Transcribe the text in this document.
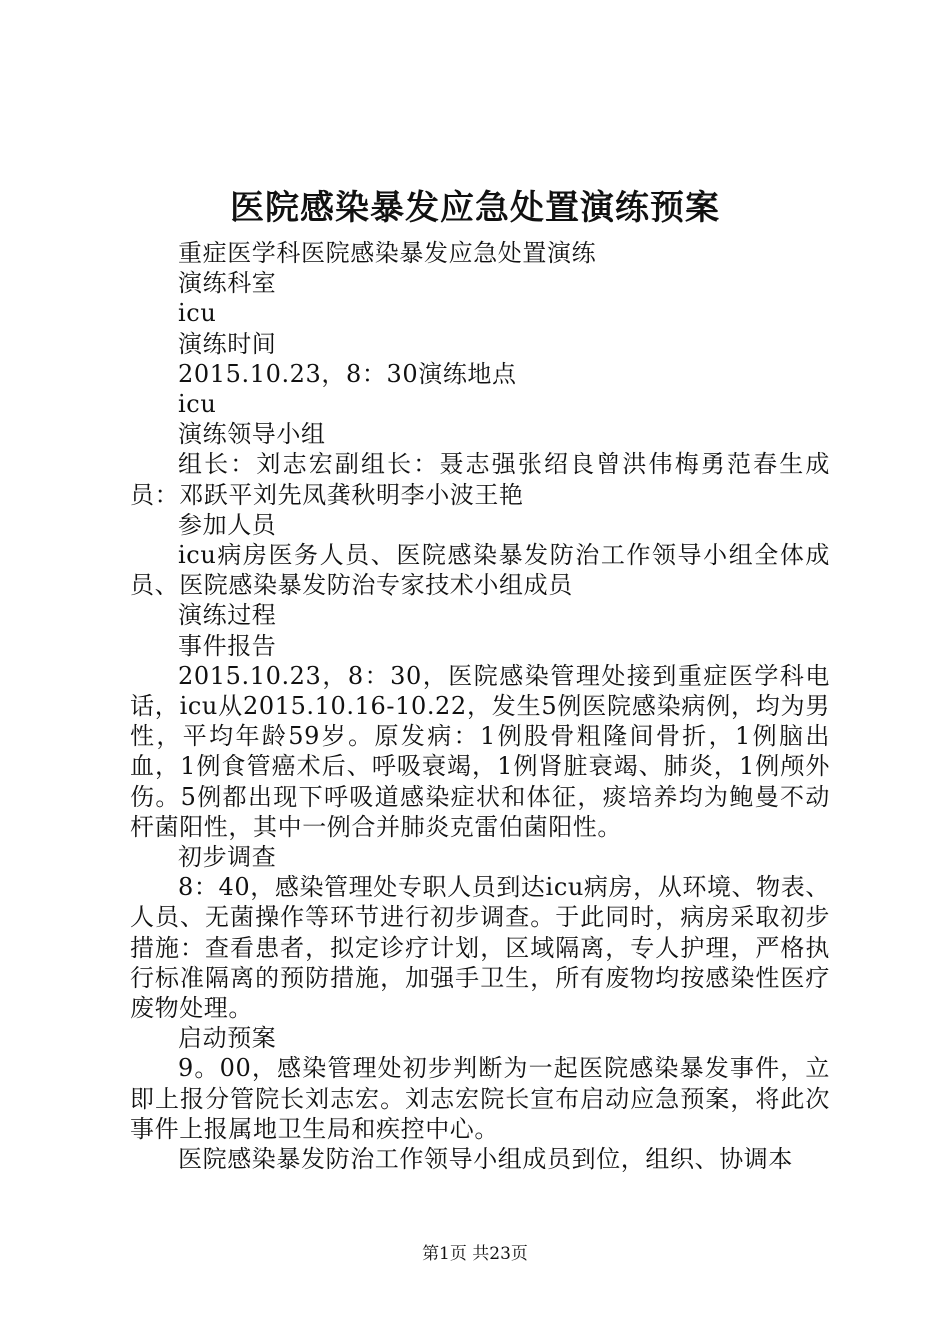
医院感染暴发应急处置演练预案

重症医学科医院感染暴发应急处置演练

演练科室

icu

演练时间

2015.10.23，8：30演练地点

icu

演练领导小组

组长：刘志宏副组长：聂志强张绍良曾洪伟梅勇范春生成员：邓跃平刘先凤龚秋明李小波王艳

参加人员

icu病房医务人员、医院感染暴发防治工作领导小组全体成员、医院感染暴发防治专家技术小组成员

演练过程

事件报告

2015.10.23，8：30，医院感染管理处接到重症医学科电话，icu从2015.10.16-10.22，发生5例医院感染病例，均为男性，平均年龄59岁。原发病：1例股骨粗隆间骨折，1例脑出血，1例食管癌术后、呼吸衰竭，1例肾脏衰竭、肺炎，1例颅外伤。5例都出现下呼吸道感染症状和体征，痰培养均为鲍曼不动杆菌阳性，其中一例合并肺炎克雷伯菌阳性。

初步调查

8：40，感染管理处专职人员到达icu病房，从环境、物表、人员、无菌操作等环节进行初步调查。于此同时，病房采取初步措施：查看患者，拟定诊疗计划，区域隔离，专人护理，严格执行标准隔离的预防措施，加强手卫生，所有废物均按感染性医疗废物处理。

启动预案

9。00，感染管理处初步判断为一起医院感染暴发事件，立即上报分管院长刘志宏。刘志宏院长宣布启动应急预案，将此次事件上报属地卫生局和疾控中心。

医院感染暴发防治工作领导小组成员到位，组织、协调本

第1页 共23页
